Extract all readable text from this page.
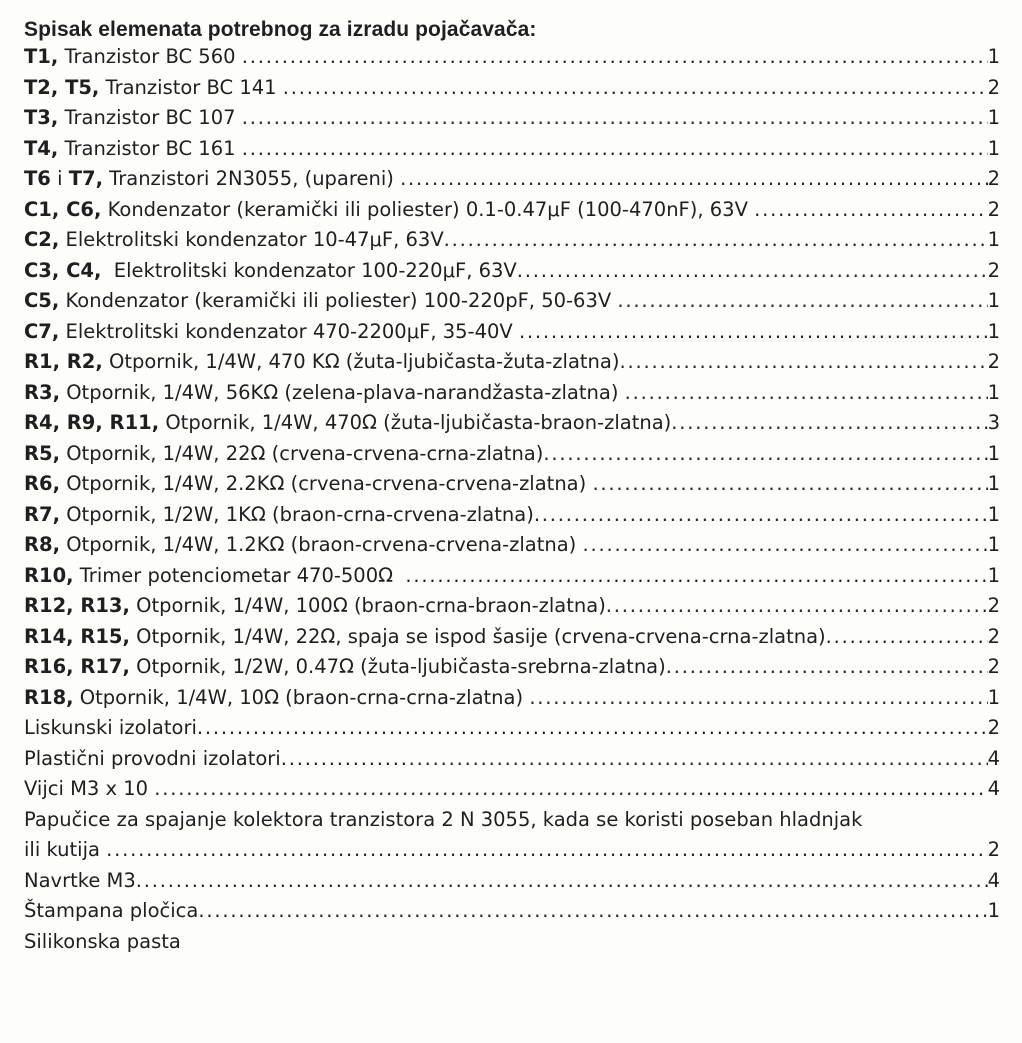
Spisak elemenata potrebnog za izradu pojačavača:
T1, Tranzistor BC 560 . . .	1
T2, T5, Tranzistor BC 141 . . .	2
T3, Tranzistor BC 107 . . .	1
T4, Tranzistor BC 161 . . .	1
T6 i T7, Tranzistori 2N3055, (upareni) . . .	2
C1, C6, Kondenzator (keramički ili poliester) 0.1-0.47μF (100-470nF), 63V . . .	2
C2, Elektrolitski kondenzator 10-47μF, 63V . . .	1
C3, C4, Elektrolitski kondenzator 100-220μF, 63V . . .	2
C5, Kondenzator (keramički ili poliester) 100-220pF, 50-63V . . .	1
C7, Elektrolitski kondenzator 470-2200μF, 35-40V . . .	1
R1, R2, Otpornik, 1/4W, 470 KΩ (žuta-ljubičasta-žuta-zlatna) . . .	2
R3, Otpornik, 1/4W, 56KΩ (zelena-plava-narandžasta-zlatna) . . .	1
R4, R9, R11, Otpornik, 1/4W, 470Ω (žuta-ljubičasta-braon-zlatna) . . .	3
R5, Otpornik, 1/4W, 22Ω (crvena-crvena-crna-zlatna) . . .	1
R6, Otpornik, 1/4W, 2.2KΩ (crvena-crvena-crvena-zlatna) . . .	1
R7, Otpornik, 1/2W, 1KΩ (braon-crna-crvena-zlatna) . . .	1
R8, Otpornik, 1/4W, 1.2KΩ (braon-crvena-crvena-zlatna) . . .	1
R10, Trimer potenciometar 470-500Ω . . .	1
R12, R13, Otpornik, 1/4W, 100Ω (braon-crna-braon-zlatna) . . .	2
R14, R15, Otpornik, 1/4W, 22Ω, spaja se ispod šasije (crvena-crvena-crna-zlatna) . . .	2
R16, R17, Otpornik, 1/2W, 0.47Ω (žuta-ljubičasta-srebrna-zlatna) . . .	2
R18, Otpornik, 1/4W, 10Ω (braon-crna-crna-zlatna) . . .	1
Liskunski izolatori . . .	2
Plastični provodni izolatori . . .	4
Vijci M3 x 10 . . .	4
Papučice za spajanje kolektora tranzistora 2 N 3055, kada se koristi poseban hladnjak
ili kutija . . .	2
Navrtke M3 . . .	4
Štampana pločica . . .	1
Silikonska pasta
